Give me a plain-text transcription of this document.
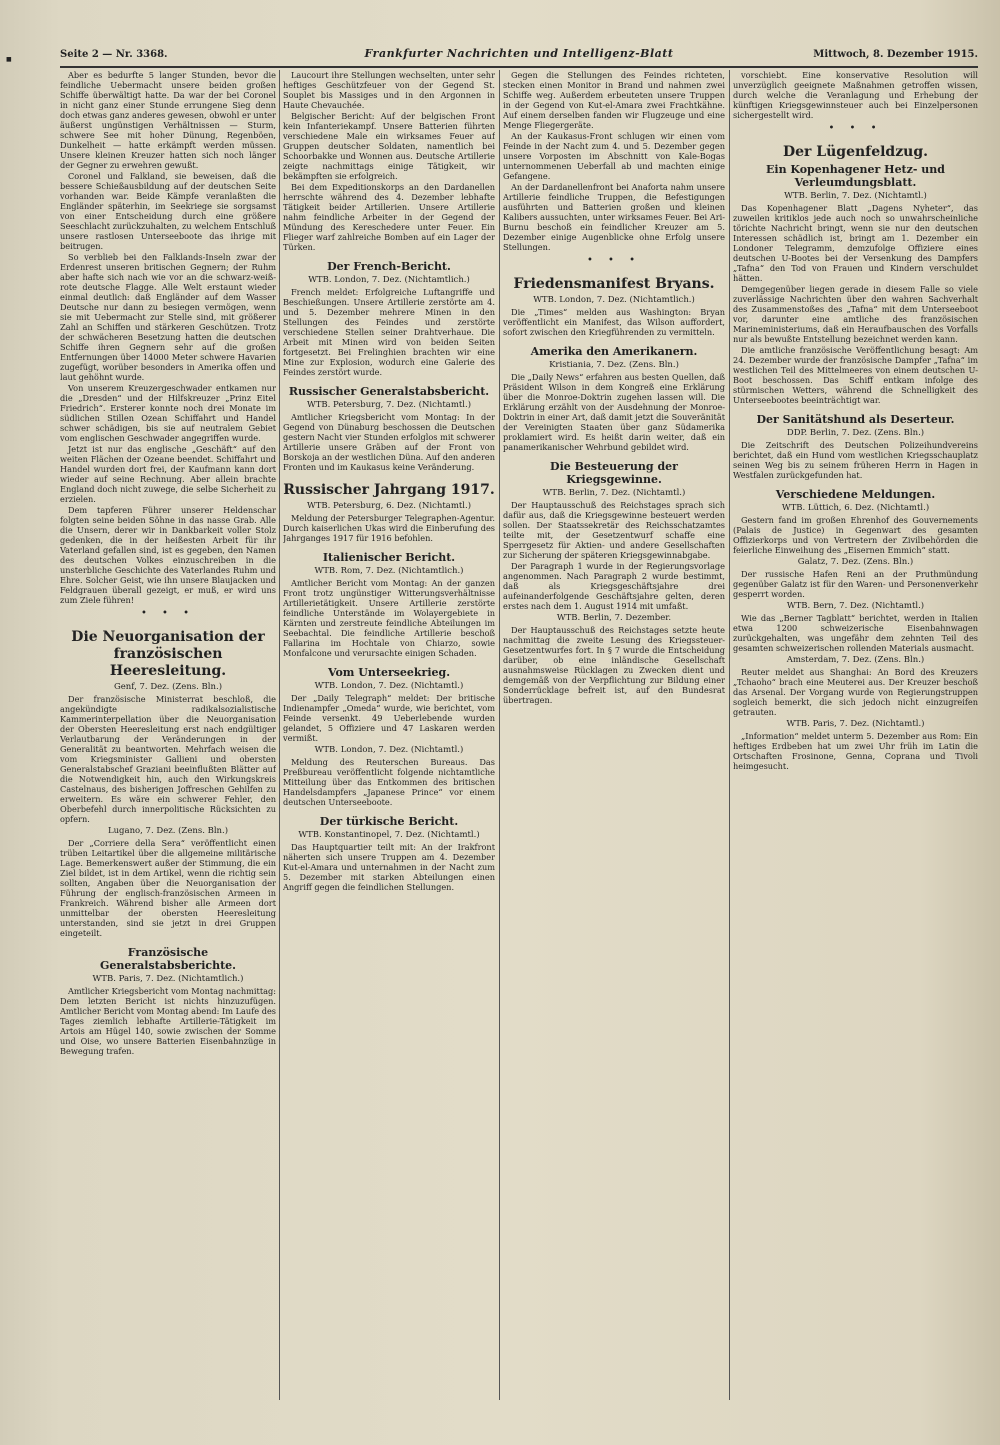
■	Seite 2 — Nr. 3368.	Frankfurter Nachrichten und Intelligenz-Blatt	Mittwoch, 8. Dezember 1915.

Aber es bedurfte 5 langer Stunden, bevor die feindliche Uebermacht unsere beiden großen Schiffe überwältigt hatte. Da war der bei Coronel in nicht ganz einer Stunde errungene Sieg denn doch etwas ganz anderes gewesen, obwohl er unter äußerst ungünstigen Verhältnissen — Sturm, schwere See mit hoher Dünung, Regenböen, Dunkelheit — hatte erkämpft werden müssen. Unsere kleinen Kreuzer hatten sich noch länger der Gegner zu erwehren gewußt.

Coronel und Falkland, sie beweisen, daß die bessere Schießausbildung auf der deutschen Seite vorhanden war. Beide Kämpfe veranlaßten die Engländer späterhin, im Seekriege sie sorgsamst von einer Entscheidung durch eine größere Seeschlacht zurückzuhalten, zu welchem Entschluß unsere rastlosen Unterseeboote das ihrige mit beitrugen.

So verblieb bei den Falklands-Inseln zwar der Erdenrest unseren britischen Gegnern; der Ruhm aber hafte sich nach wie vor an die schwarz-weiß-rote deutsche Flagge. Alle Welt erstaunt wieder einmal deutlich: daß Engländer auf dem Wasser Deutsche nur dann zu besiegen vermögen, wenn sie mit Uebermacht zur Stelle sind, mit größerer Zahl an Schiffen und stärkeren Geschützen. Trotz der schwächeren Besetzung hatten die deutschen Schiffe ihren Gegnern sehr auf die großen Entfernungen über 14000 Meter schwere Havarien zugefügt, worüber besonders in Amerika offen und laut gehöhnt wurde.

Von unserem Kreuzergeschwader entkamen nur die „Dresden“ und der Hilfskreuzer „Prinz Eitel Friedrich“. Ersterer konnte noch drei Monate im südlichen Stillen Ozean Schiffahrt und Handel schwer schädigen, bis sie auf neutralem Gebiet vom englischen Geschwader angegriffen wurde.

Jetzt ist nur das englische „Geschäft“ auf den weiten Flächen der Ozeane beendet. Schiffahrt und Handel wurden dort frei, der Kaufmann kann dort wieder auf seine Rechnung. Aber allein brachte England doch nicht zuwege, die selbe Sicherheit zu erzielen.

Dem tapferen Führer unserer Heldenschar folgten seine beiden Söhne in das nasse Grab. Alle die Unsern, derer wir in Dankbarkeit voller Stolz gedenken, die in der heißesten Arbeit für ihr Vaterland gefallen sind, ist es gegeben, den Namen des deutschen Volkes einzuschreiben in die unsterbliche Geschichte des Vaterlandes Ruhm und Ehre. Solcher Geist, wie ihn unsere Blaujacken und Feldgrauen überall gezeigt, er muß, er wird uns zum Ziele führen!

• • •
Die Neuorganisation der französischen Heeresleitung.
Genf, 7. Dez. (Zens. Bln.)

Der französische Ministerrat beschloß, die angekündigte radikalsozialistische Kammerinterpellation über die Neuorganisation der Obersten Heeresleitung erst nach endgültiger Verlautbarung der Veränderungen in der Generalität zu beantworten. Mehrfach weisen die vom Kriegsminister Gallieni und obersten Generalstabschef Graziani beeinflußten Blätter auf die Notwendigkeit hin, auch den Wirkungskreis Castelnaus, des bisherigen Joffreschen Gehilfen zu erweitern. Es wäre ein schwerer Fehler, den Oberbefehl durch innerpolitische Rücksichten zu opfern.

Lugano, 7. Dez. (Zens. Bln.)

Der „Corriere della Sera“ veröffentlicht einen trüben Leitartikel über die allgemeine militärische Lage. Bemerkenswert außer der Stimmung, die ein Ziel bildet, ist in dem Artikel, wenn die richtig sein sollten, Angaben über die Neuorganisation der Führung der englisch-französischen Armeen in Frankreich. Während bisher alle Armeen dort unmittelbar der obersten Heeresleitung unterstanden, sind sie jetzt in drei Gruppen eingeteilt.

Französische Generalstabsberichte.
WTB. Paris, 7. Dez. (Nichtamtlich.)

Amtlicher Kriegsbericht vom Montag nachmittag: Dem letzten Bericht ist nichts hinzuzufügen. Amtlicher Bericht vom Montag abend: Im Laufe des Tages ziemlich lebhafte Artillerie-Tätigkeit im Artois am Hügel 140, sowie zwischen der Somme und Oise, wo unsere Batterien Eisenbahnzüge in Bewegung trafen.

Laucourt ihre Stellungen wechselten, unter sehr heftiges Geschützfeuer von der Gegend St. Souplet bis Massiges und in den Argonnen in Haute Chevauchée.

Belgischer Bericht: Auf der belgischen Front kein Infanteriekampf. Unsere Batterien führten verschiedene Male ein wirksames Feuer auf Gruppen deutscher Soldaten, namentlich bei Schoorbakke und Wonnen aus. Deutsche Artillerie zeigte nachmittags einige Tätigkeit, wir bekämpften sie erfolgreich.

Bei dem Expeditionskorps an den Dardanellen herrschte während des 4. Dezember lebhafte Tätigkeit beider Artillerien. Unsere Artillerie nahm feindliche Arbeiter in der Gegend der Mündung des Kereschedere unter Feuer. Ein Flieger warf zahlreiche Bomben auf ein Lager der Türken.

Der French-Bericht.
WTB. London, 7. Dez. (Nichtamtlich.)

French meldet: Erfolgreiche Luftangriffe und Beschießungen. Unsere Artillerie zerstörte am 4. und 5. Dezember mehrere Minen in den Stellungen des Feindes und zerstörte verschiedene Stellen seiner Drahtverhaue. Die Arbeit mit Minen wird von beiden Seiten fortgesetzt. Bei Frelinghien brachten wir eine Mine zur Explosion, wodurch eine Galerie des Feindes zerstört wurde.

Russischer Generalstabsbericht.
WTB. Petersburg, 7. Dez. (Nichtamtl.)

Amtlicher Kriegsbericht vom Montag: In der Gegend von Dünaburg beschossen die Deutschen gestern Nacht vier Stunden erfolglos mit schwerer Artillerie unsere Gräben auf der Front von Borskoja an der westlichen Düna. Auf den anderen Fronten und im Kaukasus keine Veränderung.

Russischer Jahrgang 1917.
WTB. Petersburg, 6. Dez. (Nichtamtl.)

Meldung der Petersburger Telegraphen-Agentur. Durch kaiserlichen Ukas wird die Einberufung des Jahrganges 1917 für 1916 befohlen.

Italienischer Bericht.
WTB. Rom, 7. Dez. (Nichtamtlich.)

Amtlicher Bericht vom Montag: An der ganzen Front trotz ungünstiger Witterungsverhältnisse Artillerietätigkeit. Unsere Artillerie zerstörte feindliche Unterstände im Wolayergebiete in Kärnten und zerstreute feindliche Abteilungen im Seebachtal. Die feindliche Artillerie beschoß Fallarina im Hochtale von Chiarzo, sowie Monfalcone und verursachte einigen Schaden.

Vom Unterseekrieg.
WTB. London, 7. Dez. (Nichtamtl.)

Der „Daily Telegraph“ meldet: Der britische Indienampfer „Omeda“ wurde, wie berichtet, vom Feinde versenkt. 49 Ueberlebende wurden gelandet, 5 Offiziere und 47 Laskaren werden vermißt.

WTB. London, 7. Dez. (Nichtamtl.)

Meldung des Reuterschen Bureaus. Das Preßbureau veröffentlicht folgende nichtamtliche Mitteilung über das Entkommen des britischen Handelsdampfers „Japanese Prince“ vor einem deutschen Unterseeboote.

Der türkische Bericht.
WTB. Konstantinopel, 7. Dez. (Nichtamtl.)

Das Hauptquartier teilt mit: An der Irakfront näherten sich unsere Truppen am 4. Dezember Kut-el-Amara und unternahmen in der Nacht zum 5. Dezember mit starken Abteilungen einen Angriff gegen die feindlichen Stellungen.

Gegen die Stellungen des Feindes richteten, stecken einen Monitor in Brand und nahmen zwei Schiffe weg. Außerdem erbeuteten unsere Truppen in der Gegend von Kut-el-Amara zwei Frachtkähne. Auf einem derselben fanden wir Flugzeuge und eine Menge Fliegergeräte.

An der Kaukasus-Front schlugen wir einen vom Feinde in der Nacht zum 4. und 5. Dezember gegen unsere Vorposten im Abschnitt von Kale-Bogas unternommenen Ueberfall ab und machten einige Gefangene.

An der Dardanellenfront bei Anaforta nahm unsere Artillerie feindliche Truppen, die Befestigungen ausführten und Batterien großen und kleinen Kalibers aussuchten, unter wirksames Feuer. Bei Ari-Burnu beschoß ein feindlicher Kreuzer am 5. Dezember einige Augenblicke ohne Erfolg unsere Stellungen.

• • •
Friedensmanifest Bryans.
WTB. London, 7. Dez. (Nichtamtlich.)

Die „Times“ melden aus Washington: Bryan veröffentlicht ein Manifest, das Wilson auffordert, sofort zwischen den Kriegführenden zu vermitteln.

Amerika den Amerikanern.
Kristiania, 7. Dez. (Zens. Bln.)

Die „Daily News“ erfahren aus besten Quellen, daß Präsident Wilson in dem Kongreß eine Erklärung über die Monroe-Doktrin zugehen lassen will. Die Erklärung erzählt von der Ausdehnung der Monroe-Doktrin in einer Art, daß damit jetzt die Souveränität der Vereinigten Staaten über ganz Südamerika proklamiert wird. Es heißt darin weiter, daß ein panamerikanischer Wehrbund gebildet wird.

Die Besteuerung der Kriegsgewinne.
WTB. Berlin, 7. Dez. (Nichtamtl.)

Der Hauptausschuß des Reichstages sprach sich dafür aus, daß die Kriegsgewinne besteuert werden sollen. Der Staatssekretär des Reichsschatzamtes teilte mit, der Gesetzentwurf schaffe eine Sperrgesetz für Aktien- und andere Gesellschaften zur Sicherung der späteren Kriegsgewinnabgabe.

Der Paragraph 1 wurde in der Regierungsvorlage angenommen. Nach Paragraph 2 wurde bestimmt, daß als Kriegsgeschäftsjahre drei aufeinanderfolgende Geschäftsjahre gelten, deren erstes nach dem 1. August 1914 mit umfaßt.

WTB. Berlin, 7. Dezember.

Der Hauptausschuß des Reichstages setzte heute nachmittag die zweite Lesung des Kriegssteuer-Gesetzentwurfes fort. In § 7 wurde die Entscheidung darüber, ob eine inländische Gesellschaft ausnahmsweise Rücklagen zu Zwecken dient und demgemäß von der Verpflichtung zur Bildung einer Sonderrücklage befreit ist, auf den Bundesrat übertragen.

vorschiebt. Eine konservative Resolution will unverzüglich geeignete Maßnahmen getroffen wissen, durch welche die Veranlagung und Erhebung der künftigen Kriegsgewinnsteuer auch bei Einzelpersonen sichergestellt wird.

• • •
Der Lügenfeldzug.
Ein Kopenhagener Hetz- und Verleumdungsblatt.
WTB. Berlin, 7. Dez. (Nichtamtl.)

Das Kopenhagener Blatt „Dagens Nyheter“, das zuweilen kritiklos jede auch noch so unwahrscheinliche törichte Nachricht bringt, wenn sie nur den deutschen Interessen schädlich ist, bringt am 1. Dezember ein Londoner Telegramm, demzufolge Offiziere eines deutschen U-Bootes bei der Versenkung des Dampfers „Tafna“ den Tod von Frauen und Kindern verschuldet hätten.

Demgegenüber liegen gerade in diesem Falle so viele zuverlässige Nachrichten über den wahren Sachverhalt des Zusammenstoßes des „Tafna“ mit dem Unterseeboot vor, darunter eine amtliche des französischen Marineministeriums, daß ein Heraufbauschen des Vorfalls nur als bewußte Entstellung bezeichnet werden kann.

Die amtliche französische Veröffentlichung besagt: Am 24. Dezember wurde der französische Dampfer „Tafna“ im westlichen Teil des Mittelmeeres von einem deutschen U-Boot beschossen. Das Schiff entkam infolge des stürmischen Wetters, während die Schnelligkeit des Unterseebootes beeinträchtigt war.

Der Sanitätshund als Deserteur.
DDP. Berlin, 7. Dez. (Zens. Bln.)

Die Zeitschrift des Deutschen Polizeihundvereins berichtet, daß ein Hund vom westlichen Kriegsschauplatz seinen Weg bis zu seinem früheren Herrn in Hagen in Westfalen zurückgefunden hat.

Verschiedene Meldungen.
WTB. Lüttich, 6. Dez. (Nichtamtl.)

Gestern fand im großen Ehrenhof des Gouvernements (Palais de Justice) in Gegenwart des gesamten Offizierkorps und von Vertretern der Zivilbehörden die feierliche Einweihung des „Eisernen Emmich“ statt.

Galatz, 7. Dez. (Zens. Bln.)

Der russische Hafen Reni an der Pruthmündung gegenüber Galatz ist für den Waren- und Personenverkehr gesperrt worden.

WTB. Bern, 7. Dez. (Nichtamtl.)

Wie das „Berner Tagblatt“ berichtet, werden in Italien etwa 1200 schweizerische Eisenbahnwagen zurückgehalten, was ungefähr dem zehnten Teil des gesamten schweizerischen rollenden Materials ausmacht.

Amsterdam, 7. Dez. (Zens. Bln.)

Reuter meldet aus Shanghai: An Bord des Kreuzers „Tchaoho“ brach eine Meuterei aus. Der Kreuzer beschoß das Arsenal. Der Vorgang wurde von Regierungstruppen sogleich bemerkt, die sich jedoch nicht einzugreifen getrauten.

WTB. Paris, 7. Dez. (Nichtamtl.)

„Information“ meldet unterm 5. Dezember aus Rom: Ein heftiges Erdbeben hat um zwei Uhr früh im Latin die Ortschaften Frosinone, Genna, Coprana und Tivoli heimgesucht.
